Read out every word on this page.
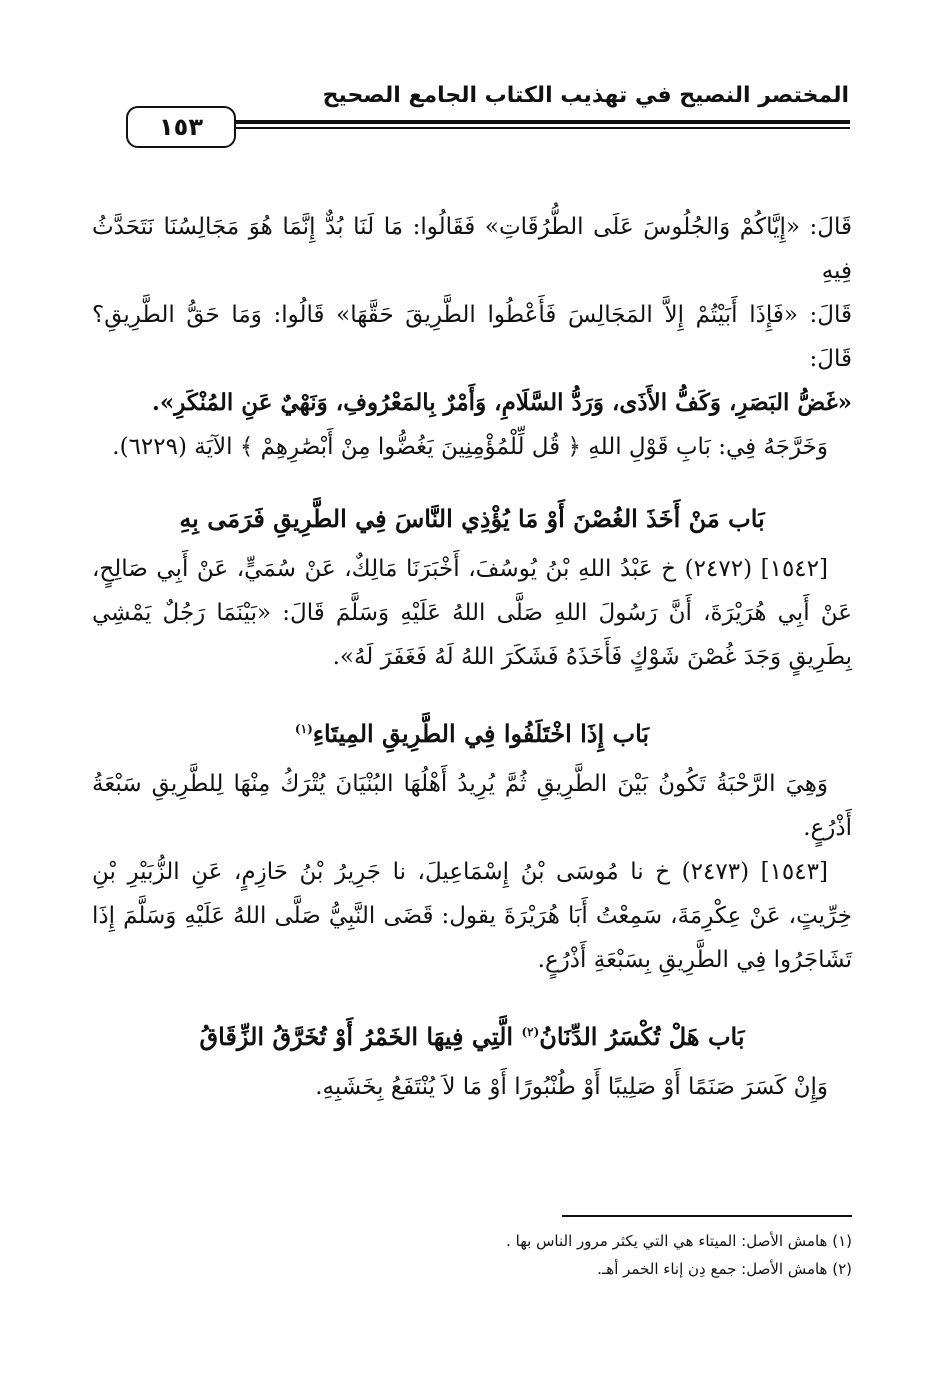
المختصر النصيح في تهذيب الكتاب الجامع الصحيح
١٥٣

قَالَ: «إِيَّاكُمْ وَالجُلُوسَ عَلَى الطُّرُقَاتِ» فَقَالُوا: مَا لَنَا بُدٌّ إِنَّمَا هُوَ مَجَالِسُنَا نَتَحَدَّثُ فِيهِ

قَالَ: «فَإِذَا أَبَيْتُمْ إِلاَّ المَجَالِسَ فَأَعْطُوا الطَّرِيقَ حَقَّهَا» قَالُوا: وَمَا حَقُّ الطَّرِيقِ؟ قَالَ:

«غَضُّ البَصَرِ، وَكَفُّ الأَذَى، وَرَدُّ السَّلَامِ، وَأَمْرٌ بِالمَعْرُوفِ، وَنَهْيٌ عَنِ المُنْكَرِ».

وَخَرَّجَهُ فِي: بَابِ قَوْلِ اللهِ ﴿ قُل لِّلْمُؤْمِنِينَ يَغُضُّوا مِنْ أَبْصَٰرِهِمْ ﴾ الآيَة (٦٢٢٩).

بَاب مَنْ أَخَذَ الغُصْنَ أَوْ مَا يُؤْذِي النَّاسَ فِي الطَّرِيقِ فَرَمَى بِهِ

[١٥٤٢] (٢٤٧٢) خ عَبْدُ اللهِ بْنُ يُوسُفَ، أَخْبَرَنَا مَالِكٌ، عَنْ سُمَيٍّ، عَنْ أَبِي صَالِحٍ، عَنْ أَبِي هُرَيْرَةَ، أَنَّ رَسُولَ اللهِ صَلَّى اللهُ عَلَيْهِ وَسَلَّمَ قَالَ: «بَيْنَمَا رَجُلٌ يَمْشِي بِطَرِيقٍ وَجَدَ غُصْنَ شَوْكٍ فَأَخَذَهُ فَشَكَرَ اللهُ لَهُ فَغَفَرَ لَهُ».

بَاب إِذَا اخْتَلَفُوا فِي الطَّرِيقِ المِيتَاءِ$^{(١)}$

وَهِيَ الرَّحْبَةُ تَكُونُ بَيْنَ الطَّرِيقِ ثُمَّ يُرِيدُ أَهْلُهَا البُنْيَانَ يُتْرَكُ مِنْهَا لِلطَّرِيقِ سَبْعَةُ أَذْرُعٍ.

[١٥٤٣] (٢٤٧٣) خ نا مُوسَى بْنُ إِسْمَاعِيلَ، نا جَرِيرُ بْنُ حَازِمٍ، عَنِ الزُّبَيْرِ بْنِ خِرِّيتٍ، عَنْ عِكْرِمَةَ، سَمِعْتُ أَبَا هُرَيْرَةَ يقول: قَضَى النَّبِيُّ صَلَّى اللهُ عَلَيْهِ وَسَلَّمَ إِذَا تَشَاجَرُوا فِي الطَّرِيقِ بِسَبْعَةِ أَذْرُعٍ.

بَاب هَلْ تُكْسَرُ الدِّنَانُ$^{(٢)}$ الَّتِي فِيهَا الخَمْرُ أَوْ تُخَرَّقُ الزِّقَاقُ

وَإِنْ كَسَرَ صَنَمًا أَوْ صَلِيبًا أَوْ طُنْبُورًا أَوْ مَا لاَ يُنْتَفَعُ بِخَشَبِهِ.

(١) هامش الأصل: الميتاء هي التي يكثر مرور الناس بها .

(٢) هامش الأصل: جمع دِن إناء الخمر أهـ.
